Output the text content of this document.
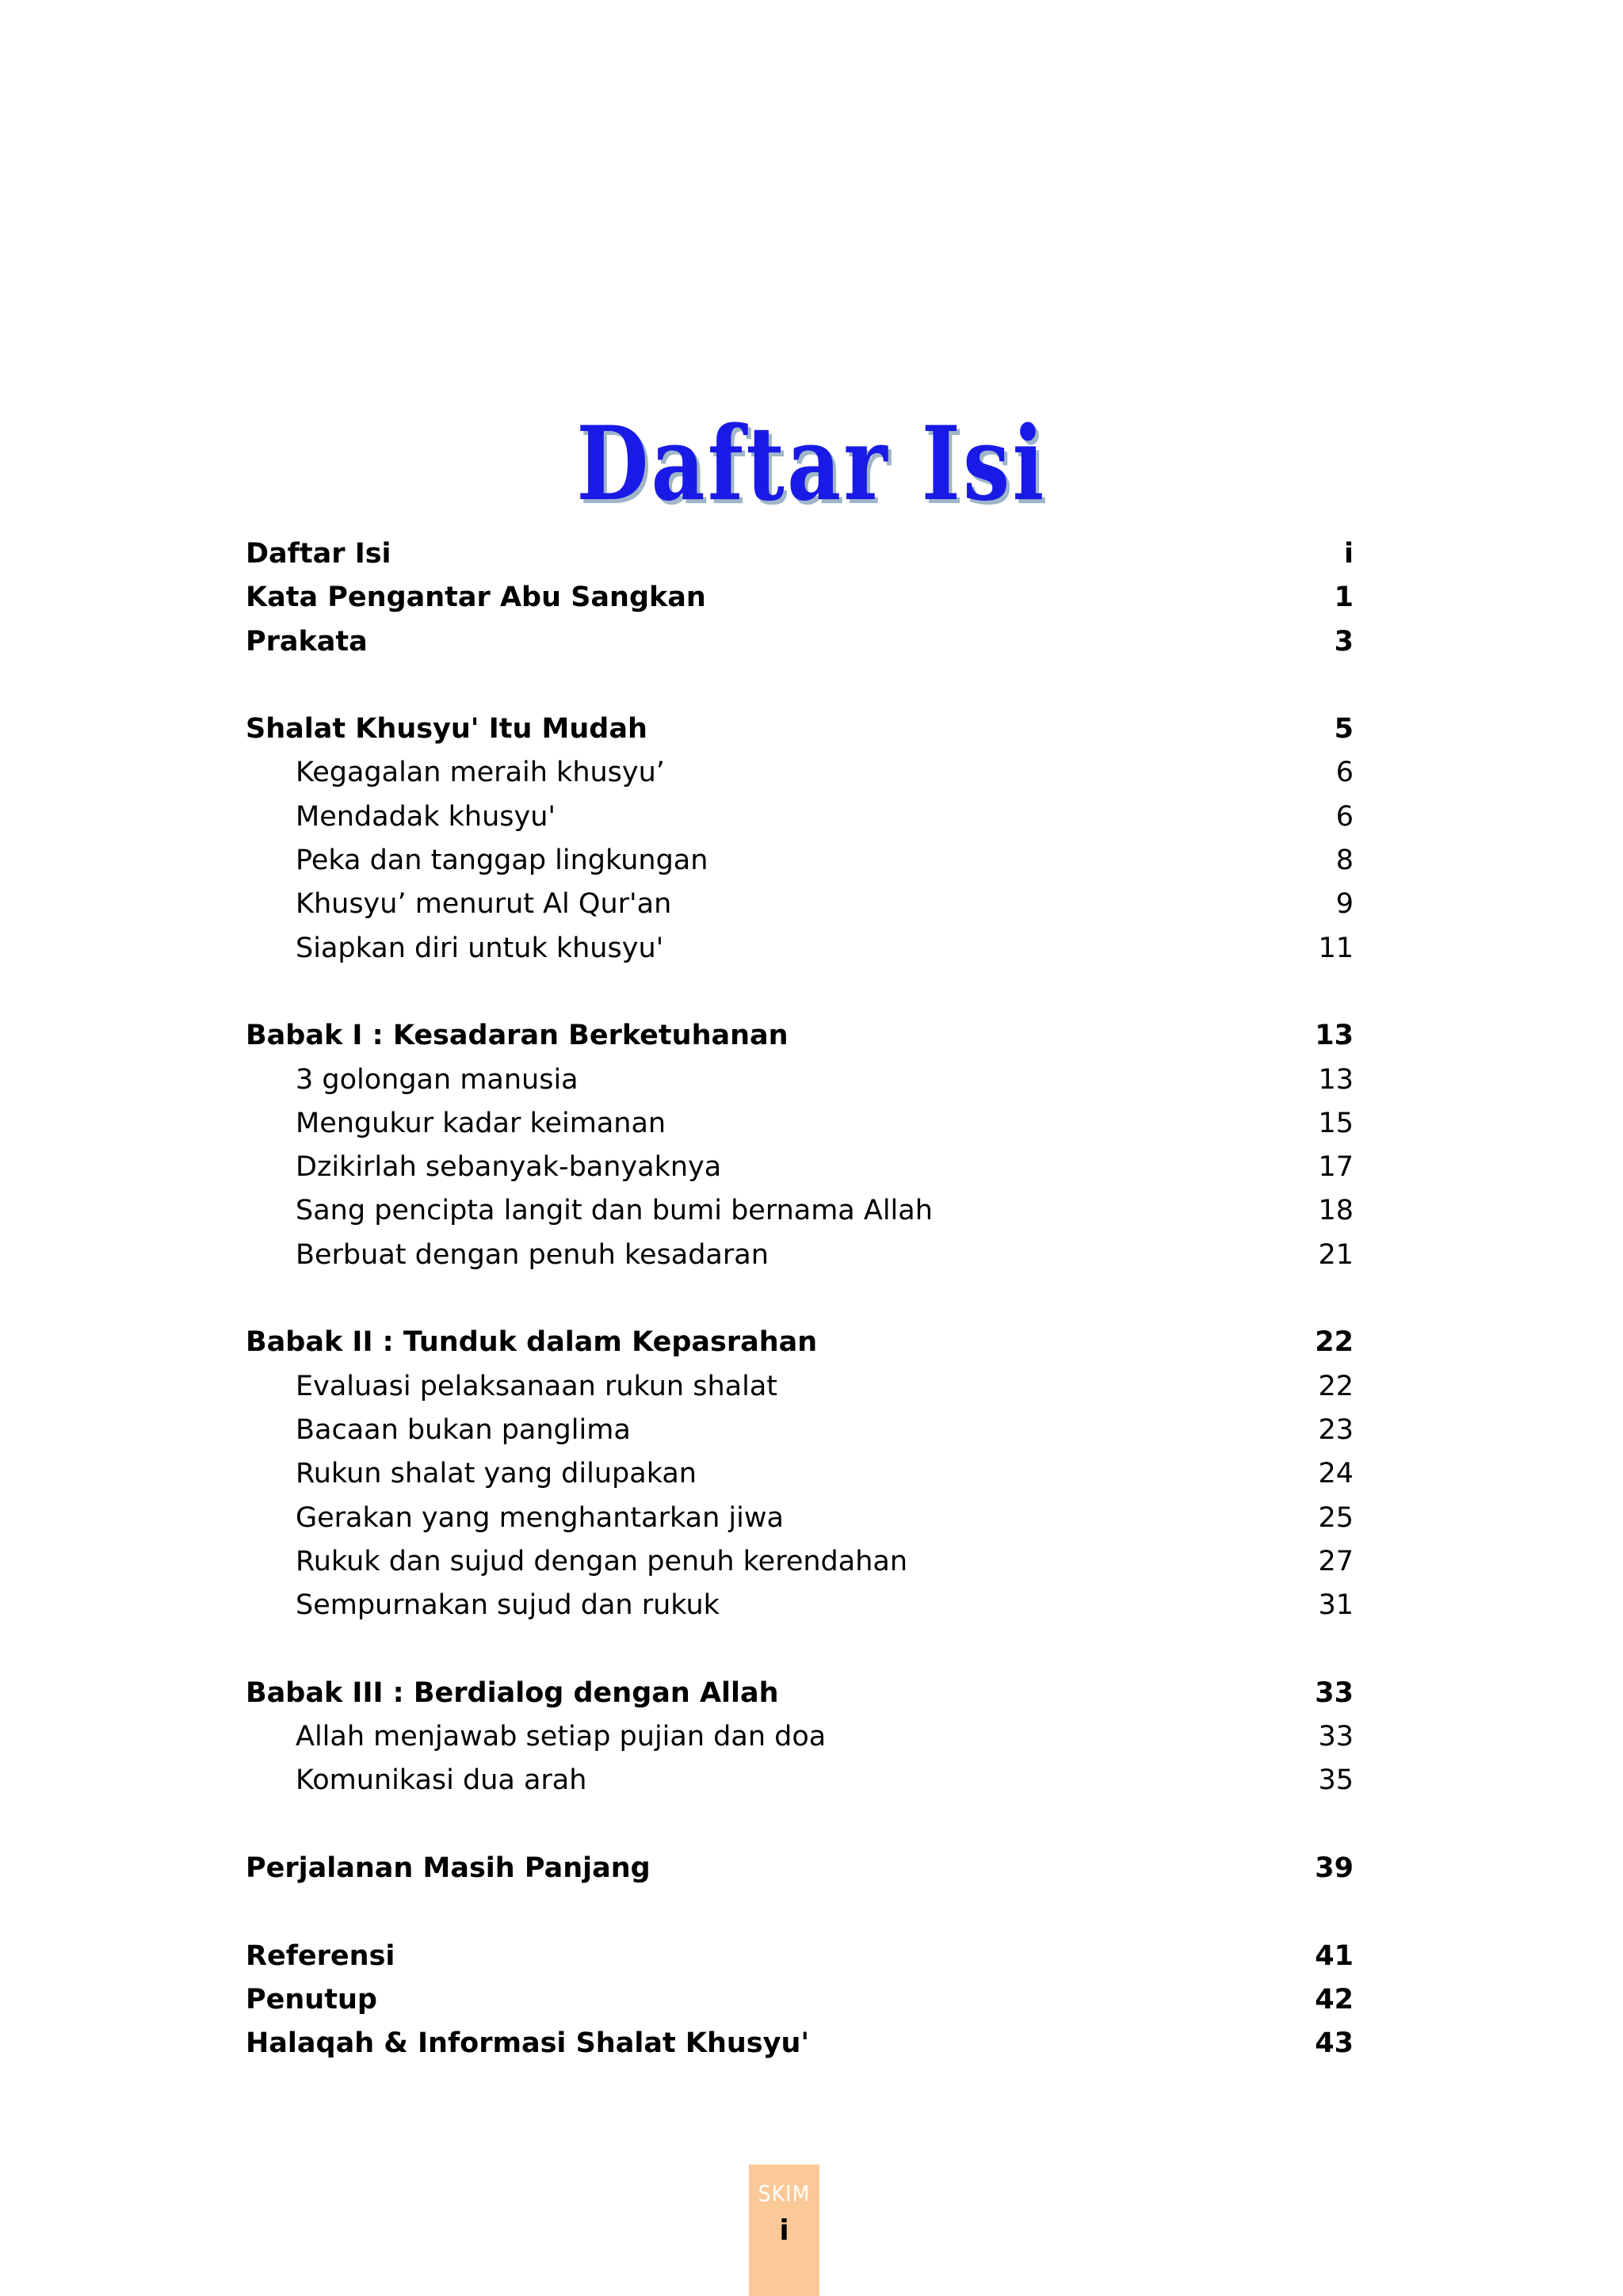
Daftar Isi
Daftar Isi	i
Kata Pengantar Abu Sangkan	1
Prakata	3
Shalat Khusyu' Itu Mudah	5
Kegagalan meraih khusyu’	6
Mendadak khusyu'	6
Peka dan tanggap lingkungan	8
Khusyu’ menurut Al Qur'an	9
Siapkan diri untuk khusyu'	11
Babak I : Kesadaran Berketuhanan	13
3 golongan manusia	13
Mengukur kadar keimanan	15
Dzikirlah sebanyak-banyaknya	17
Sang pencipta langit dan bumi bernama Allah	18
Berbuat dengan penuh kesadaran	21
Babak II : Tunduk dalam Kepasrahan	22
Evaluasi pelaksanaan rukun shalat	22
Bacaan bukan panglima	23
Rukun shalat yang dilupakan	24
Gerakan yang menghantarkan jiwa	25
Rukuk dan sujud dengan penuh kerendahan	27
Sempurnakan sujud dan rukuk	31
Babak III : Berdialog dengan Allah	33
Allah menjawab setiap pujian dan doa	33
Komunikasi dua arah	35
Perjalanan Masih Panjang	39
Referensi	41
Penutup	42
Halaqah & Informasi Shalat Khusyu'	43
SKIM
i
